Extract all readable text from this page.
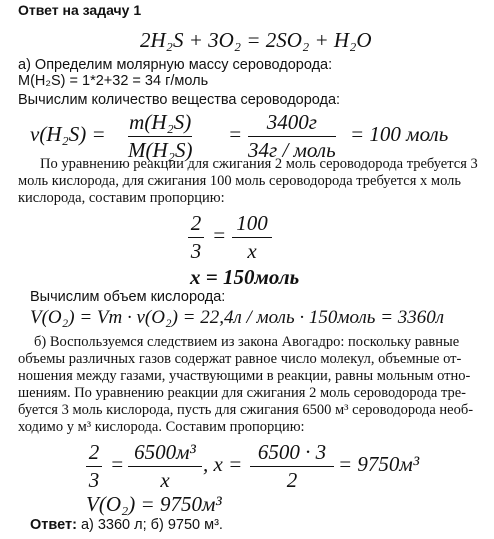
Ответ на задачу 1
2H₂S + 3O₂ = 2SO₂ + H₂O
а) Определим молярную массу сероводорода:
M(H₂S) = 1*2+32 = 34 г/моль
Вычислим количество вещества сероводорода:
ν(H₂S) = m(H₂S)
M(H₂S)
=	3400г
34г / моль
= 100 моль
По уравнению реакции для сжигания 2 моль сероводорода требуется 3
моль кислорода, для сжигания 100 моль сероводорода требуется х моль
кислорода, составим пропорцию:
2
3
= 100
x
x = 150моль
Вычислим объем кислорода:
V(O₂) = Vm · ν(O₂) = 22,4л / моль · 150моль = 3360л
б) Воспользуемся следствием из закона Авогадро: поскольку равные
объемы различных газов содержат равное число молекул, объемные от-
ношения между газами, участвующими в реакции, равны мольным отно-
шениям. По уравнению реакции для сжигания 2 моль сероводорода тре-
буется 3 моль кислорода, пусть для сжигания 6500 м³ сероводорода необ-
ходимо у м³ кислорода. Составим пропорцию:
2
3
= 6500м³
x
, x = 6500 · 3
2
= 9750м³
V(O₂) = 9750м³
Ответ: а) 3360 л; б) 9750 м³.
